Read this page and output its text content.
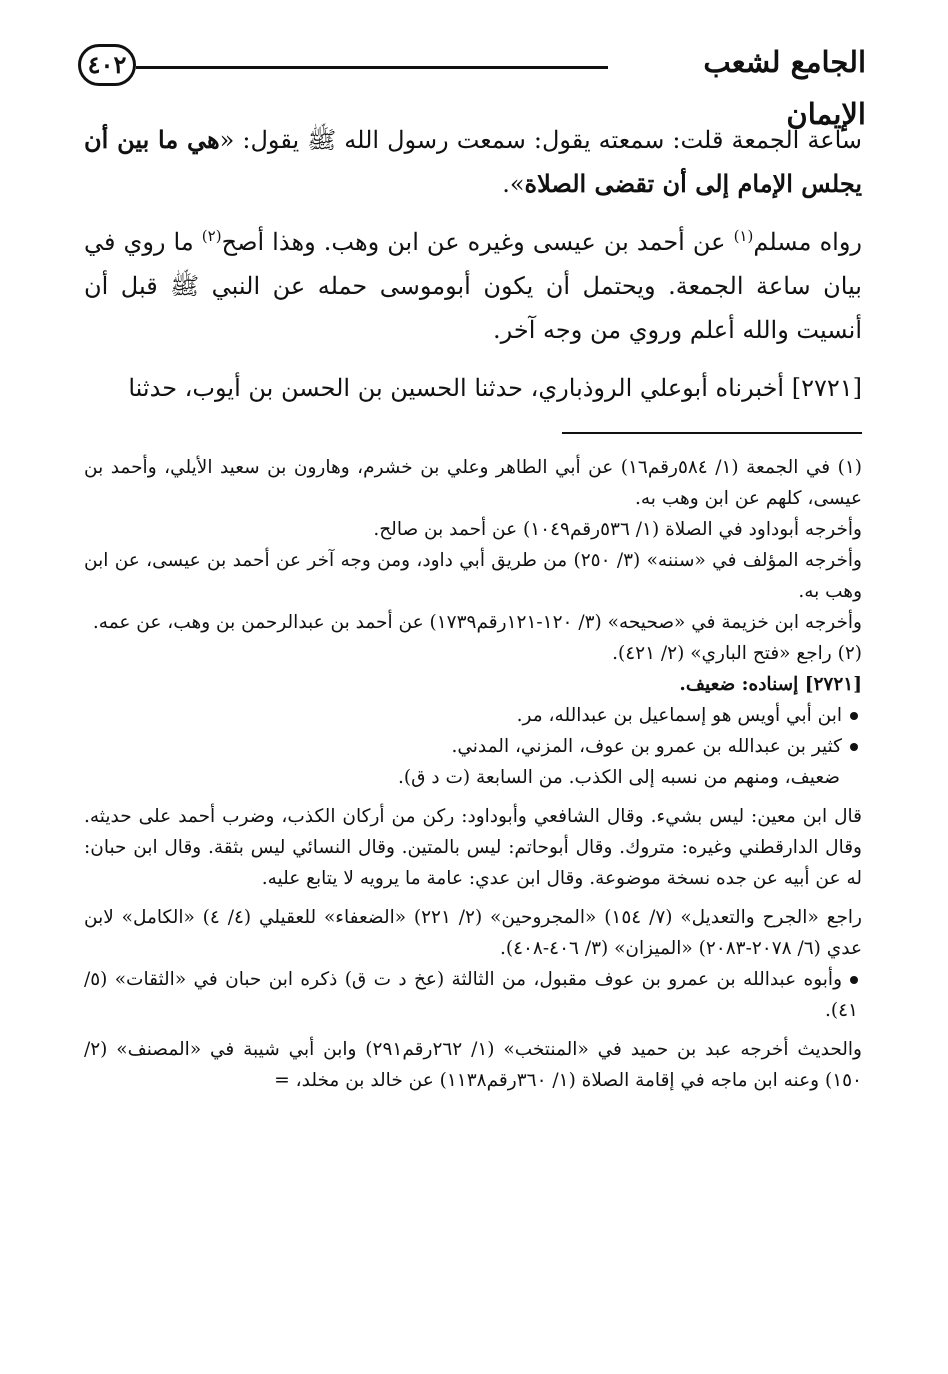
٤٠٢	الجامع لشعب الإيمان

ساعة الجمعة قلت: سمعته يقول: سمعت رسول الله ﷺ يقول: «هي ما بين أن يجلس الإمام إلى أن تقضى الصلاة».

رواه مسلم$^{(١)}$ عن أحمد بن عيسى وغيره عن ابن وهب. وهذا أصح$^{(٢)}$ ما روي في بيان ساعة الجمعة. ويحتمل أن يكون أبوموسى حمله عن النبي ﷺ قبل أن أنسيت والله أعلم وروي من وجه آخر.

[٢٧٢١] أخبرناه أبوعلي الروذباري، حدثنا الحسين بن الحسن بن أيوب، حدثنا

(١) في الجمعة (١/ ٥٨٤رقم١٦) عن أبي الطاهر وعلي بن خشرم، وهارون بن سعيد الأيلي، وأحمد بن عيسى، كلهم عن ابن وهب به.

وأخرجه أبوداود في الصلاة (١/ ٥٣٦رقم١٠٤٩) عن أحمد بن صالح.

وأخرجه المؤلف في «سننه» (٣/ ٢٥٠) من طريق أبي داود، ومن وجه آخر عن أحمد بن عيسى، عن ابن وهب به.

وأخرجه ابن خزيمة في «صحيحه» (٣/ ١٢٠-١٢١رقم١٧٣٩) عن أحمد بن عبدالرحمن بن وهب، عن عمه.

(٢) راجع «فتح الباري» (٢/ ٤٢١).

[٢٧٢١] إسناده: ضعيف.

ابن أبي أويس هو إسماعيل بن عبدالله، مر.

كثير بن عبدالله بن عمرو بن عوف، المزني، المدني.

ضعيف، ومنهم من نسبه إلى الكذب. من السابعة (ت د ق).

قال ابن معين: ليس بشيء. وقال الشافعي وأبوداود: ركن من أركان الكذب، وضرب أحمد على حديثه. وقال الدارقطني وغيره: متروك. وقال أبوحاتم: ليس بالمتين. وقال النسائي ليس بثقة. وقال ابن حبان: له عن أبيه عن جده نسخة موضوعة. وقال ابن عدي: عامة ما يرويه لا يتابع عليه.

راجع «الجرح والتعديل» (٧/ ١٥٤) «المجروحين» (٢/ ٢٢١) «الضعفاء» للعقيلي (٤/ ٤) «الكامل» لابن عدي (٦/ ٢٠٧٨-٢٠٨٣) «الميزان» (٣/ ٤٠٦-٤٠٨).

وأبوه عبدالله بن عمرو بن عوف مقبول، من الثالثة (عخ د ت ق) ذكره ابن حبان في «الثقات» (٥/ ٤١).

والحديث أخرجه عبد بن حميد في «المنتخب» (١/ ٢٦٢رقم٢٩١) وابن أبي شيبة في «المصنف» (٢/ ١٥٠) وعنه ابن ماجه في إقامة الصلاة (١/ ٣٦٠رقم١١٣٨) عن خالد بن مخلد، =
